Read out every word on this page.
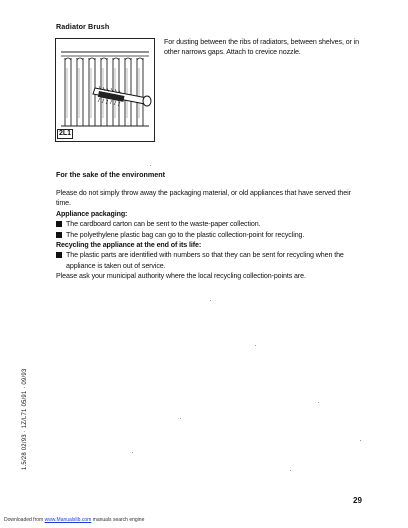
Radiator Brush
2L1
For dusting between the ribs of radiators, between shelves, or in other narrows gaps. Attach to crevice nozzle.
For the sake of the environment

Please do not simply throw away the packaging material, or old appliances that have served their time.

Appliance packaging:

The cardboard carton can be sent to the waste-paper collection.

The polyethylene plastic bag can go to the plastic collection-point for recycling.

Recycling the appliance at the end of its life:

The plastic parts are identified with numbers so that they can be sent for recycling when the appliance is taken out of service.

Please ask your municipal authority where the local recycling collection-points are.

1.5/28 02/93 · 1Z/L71 05/91 · 09/93
29
Downloaded from www.Manualslib.com manuals search engine
